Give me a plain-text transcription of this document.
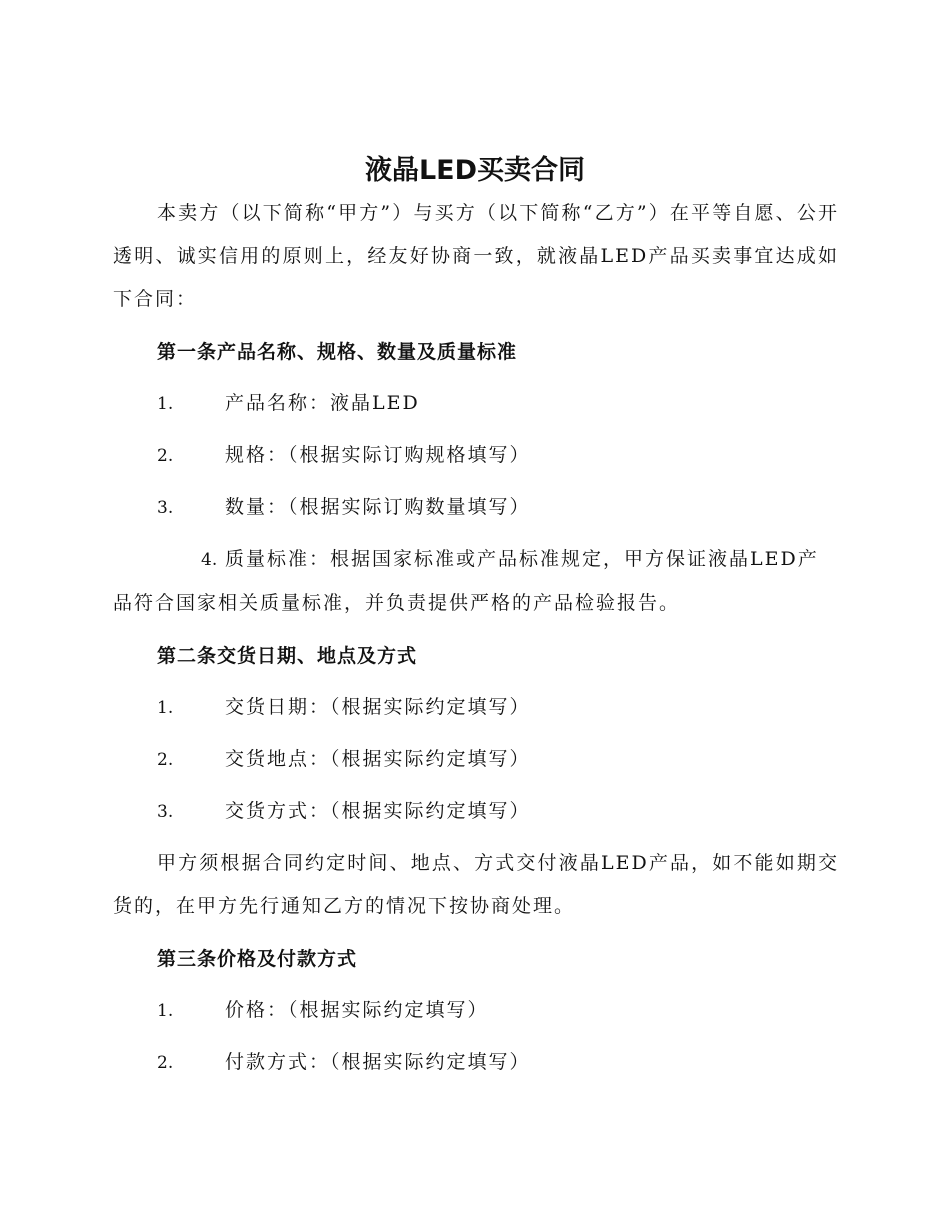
液晶LED买卖合同

本卖方（以下简称“甲方”）与买方（以下简称“乙方”）在平等自愿、公开透明、诚实信用的原则上，经友好协商一致，就液晶LED产品买卖事宜达成如下合同：

第一条产品名称、规格、数量及质量标准
1.	产品名称：液晶LED
2.	规格：（根据实际订购规格填写）
3.	数量：（根据实际订购数量填写）
4. 质量标准：根据国家标准或产品标准规定，甲方保证液晶LED产品符合国家相关质量标准，并负责提供严格的产品检验报告。
第二条交货日期、地点及方式
1.	交货日期：（根据实际约定填写）
2.	交货地点：（根据实际约定填写）
3.	交货方式：（根据实际约定填写）

甲方须根据合同约定时间、地点、方式交付液晶LED产品，如不能如期交货的，在甲方先行通知乙方的情况下按协商处理。

第三条价格及付款方式
1.	价格：（根据实际约定填写）
2.	付款方式：（根据实际约定填写）
